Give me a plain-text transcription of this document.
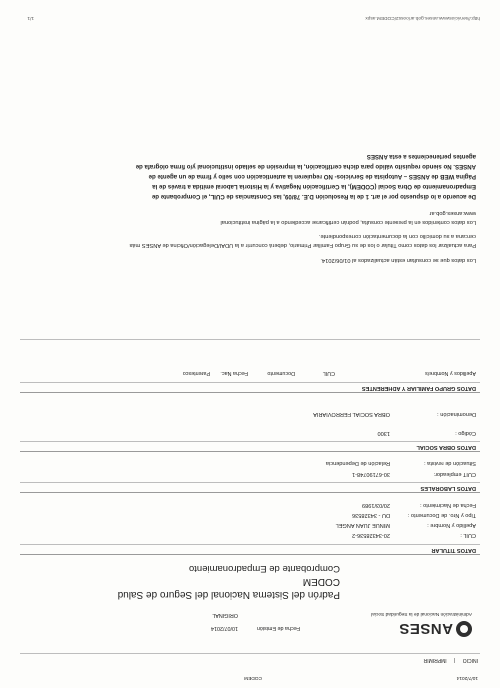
10/7/2014
CODEM
INICIO | IMPRIMIR
ANSES
Administración Nacional de la Seguridad Social
Fecha de Emisión
10/07/2014
ORIGINAL
Padrón del Sistema Nacional del Seguro de Salud
CODEM
Comprobante de Empadronamiento
DATOS TITULAR
CUIL :
20-34328536-2
Apellido y Nombre :
MINUE JUAN ANGEL
Tipo y Nro. de Documento :
DU - 34328536
Fecha de Nacimiento :
20/03/1989
DATOS LABORALES
CUIT empleador:
30-67190748-1
Situación de revista :
Relación de Dependencia
DATOS OBRA SOCIAL
Código :
1300
Denominación :
OBRA SOCIAL FERROVIARIA
DATOS GRUPO FAMILIAR Y ADHERENTES
Apellidos y Nombre/s
CUIL
Documento
Fecha Nac.
Parentesco
Los datos que se consultan están actualizados al 01/06/2014.
Para actualizar los datos como Titular o los de su Grupo Familiar Primario, deberá concurrir a la UDAI/Delegación/Oficina de ANSES más
cercana a su domicilio con la documentación correspondiente.
Los datos contenidos en la presente consulta, podrán certificarse accediendo a la página institucional
www.anses.gob.ar
De acuerdo a lo dispuesto por el art. 1 de la Resolución D.E. 78/09, las Constancias de CUIL, el Comprobante de
Empadronamiento de Obra Social (CODEM), la Certificación Negativa y la Historia Laboral emitida a través de la
Página WEB de ANSES – Autopista de Servicios- NO requieren la autenticación con sello y firma de un agente de
ANSES. No siendo requisito válido para dicha certificación, la impresión de sellado institucional y/o firma ológrafa de
agentes pertenecientes a esta ANSES
http://servicioswww.anses.gob.ar/ooss2/CODEM.aspx
1/1
